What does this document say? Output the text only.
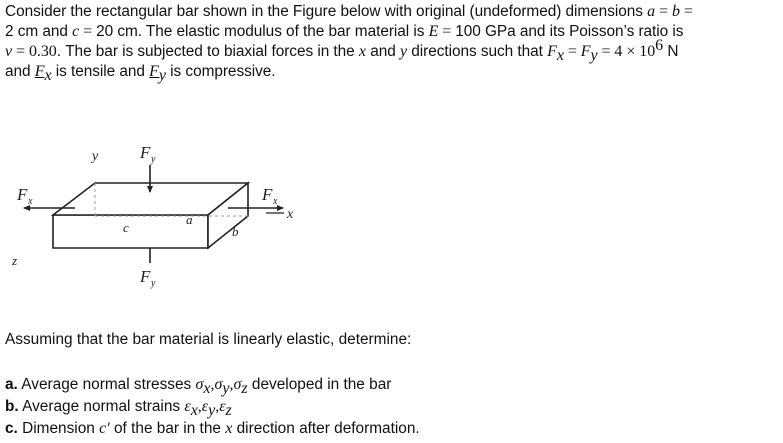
Consider the rectangular bar shown in the Figure below with original (undeformed) dimensions a = b =

2 cm and c = 20 cm. The elastic modulus of the bar material is E = 100 GPa and its Poisson’s ratio is

ν = 0.30. The bar is subjected to biaxial forces in the x and y directions such that $F_x = F_y = 4 \times 10^6$ N

and $F_x$ is tensile and $F_y$ is compressive.

y F y
F x	F x
x
c
a
b
z
F y

Assuming that the bar material is linearly elastic, determine:

a. Average normal stresses $\sigma_x,\sigma_y,\sigma_z$ developed in the bar

b. Average normal strains $\varepsilon_x,\varepsilon_y,\varepsilon_z$

c. Dimension c′ of the bar in the x direction after deformation.
